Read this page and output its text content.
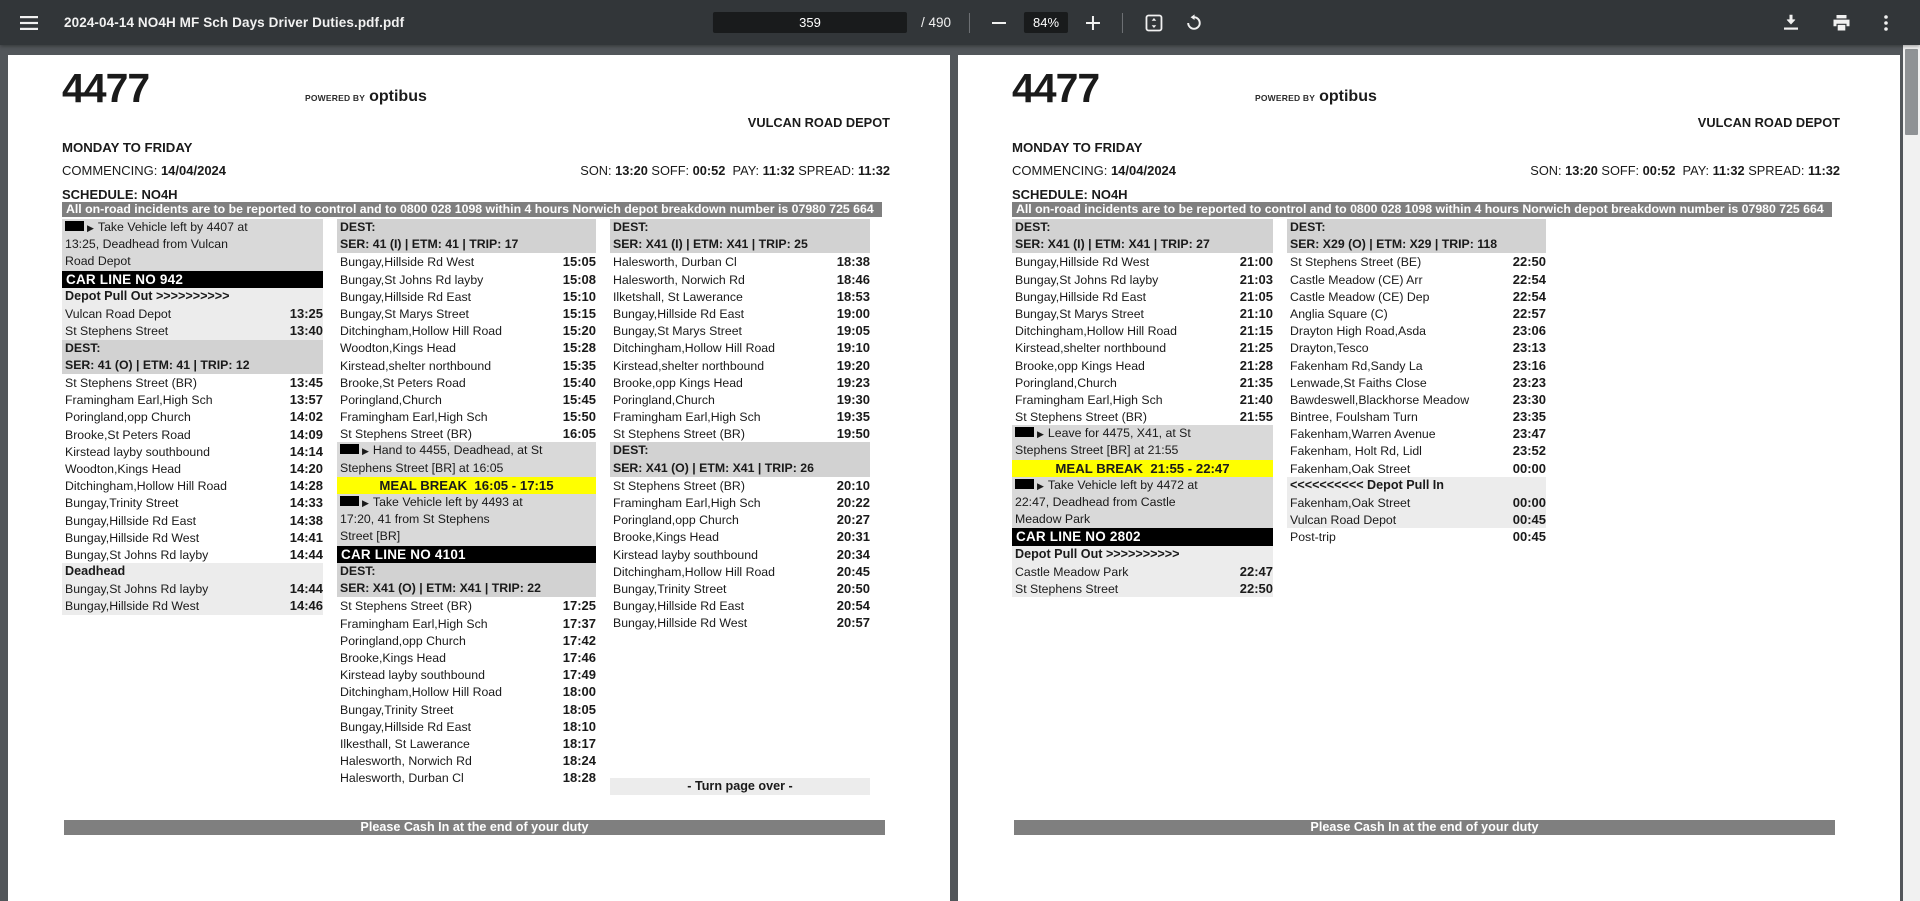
2024-04-14 NO4H MF Sch Days Driver Duties.pdf.pdf
359	/ 490	84%
4477	POWERED BY optibus
VULCAN ROAD DEPOT
MONDAY TO FRIDAY
COMMENCING: 14/04/2024	SON: 13:20 SOFF: 00:52  PAY: 11:32 SPREAD: 11:32
SCHEDULE: NO4H
All on-road incidents are to be reported to control and to 0800 028 1098 within 4 hours Norwich depot breakdown number is 07980 725 664
▶ Take Vehicle left by 4407 at
13:25, Deadhead from Vulcan
Road Depot
CAR LINE NO 942
Depot Pull Out >>>>>>>>>>
Vulcan Road Depot	13:25
St Stephens Street	13:40
DEST:
SER: 41 (O) | ETM: 41 | TRIP: 12
St Stephens Street (BR)	13:45
Framingham Earl,High Sch	13:57
Poringland,opp Church	14:02
Brooke,St Peters Road	14:09
Kirstead layby southbound	14:14
Woodton,Kings Head	14:20
Ditchingham,Hollow Hill Road	14:28
Bungay,Trinity Street	14:33
Bungay,Hillside Rd East	14:38
Bungay,Hillside Rd West	14:41
Bungay,St Johns Rd layby	14:44
Deadhead
Bungay,St Johns Rd layby	14:44
Bungay,Hillside Rd West	14:46
DEST:
SER: 41 (I) | ETM: 41 | TRIP: 17
Bungay,Hillside Rd West	15:05
Bungay,St Johns Rd layby	15:08
Bungay,Hillside Rd East	15:10
Bungay,St Marys Street	15:15
Ditchingham,Hollow Hill Road	15:20
Woodton,Kings Head	15:28
Kirstead,shelter northbound	15:35
Brooke,St Peters Road	15:40
Poringland,Church	15:45
Framingham Earl,High Sch	15:50
St Stephens Street (BR)	16:05
▶ Hand to 4455, Deadhead, at St
Stephens Street [BR] at 16:05
MEAL BREAK  16:05 - 17:15
▶ Take Vehicle left by 4493 at
17:20, 41 from St Stephens
Street [BR]
CAR LINE NO 4101
DEST:
SER: X41 (O) | ETM: X41 | TRIP: 22
St Stephens Street (BR)	17:25
Framingham Earl,High Sch	17:37
Poringland,opp Church	17:42
Brooke,Kings Head	17:46
Kirstead layby southbound	17:49
Ditchingham,Hollow Hill Road	18:00
Bungay,Trinity Street	18:05
Bungay,Hillside Rd East	18:10
Ilkesthall, St Lawerance	18:17
Halesworth, Norwich Rd	18:24
Halesworth, Durban Cl	18:28
DEST:
SER: X41 (I) | ETM: X41 | TRIP: 25
Halesworth, Durban Cl	18:38
Halesworth, Norwich Rd	18:46
Ilketshall, St Lawerance	18:53
Bungay,Hillside Rd East	19:00
Bungay,St Marys Street	19:05
Ditchingham,Hollow Hill Road	19:10
Kirstead,shelter northbound	19:20
Brooke,opp Kings Head	19:23
Poringland,Church	19:30
Framingham Earl,High Sch	19:35
St Stephens Street (BR)	19:50
DEST:
SER: X41 (O) | ETM: X41 | TRIP: 26
St Stephens Street (BR)	20:10
Framingham Earl,High Sch	20:22
Poringland,opp Church	20:27
Brooke,Kings Head	20:31
Kirstead layby southbound	20:34
Ditchingham,Hollow Hill Road	20:45
Bungay,Trinity Street	20:50
Bungay,Hillside Rd East	20:54
Bungay,Hillside Rd West	20:57
- Turn page over -
Please Cash In at the end of your duty
4477	POWERED BY optibus
VULCAN ROAD DEPOT
MONDAY TO FRIDAY
COMMENCING: 14/04/2024	SON: 13:20 SOFF: 00:52  PAY: 11:32 SPREAD: 11:32
SCHEDULE: NO4H
All on-road incidents are to be reported to control and to 0800 028 1098 within 4 hours Norwich depot breakdown number is 07980 725 664
DEST:
SER: X41 (I) | ETM: X41 | TRIP: 27
Bungay,Hillside Rd West	21:00
Bungay,St Johns Rd layby	21:03
Bungay,Hillside Rd East	21:05
Bungay,St Marys Street	21:10
Ditchingham,Hollow Hill Road	21:15
Kirstead,shelter northbound	21:25
Brooke,opp Kings Head	21:28
Poringland,Church	21:35
Framingham Earl,High Sch	21:40
St Stephens Street (BR)	21:55
▶ Leave for 4475, X41, at St
Stephens Street [BR] at 21:55
MEAL BREAK  21:55 - 22:47
▶ Take Vehicle left by 4472 at
22:47, Deadhead from Castle
Meadow Park
CAR LINE NO 2802
Depot Pull Out >>>>>>>>>>
Castle Meadow Park	22:47
St Stephens Street	22:50
DEST:
SER: X29 (O) | ETM: X29 | TRIP: 118
St Stephens Street (BE)	22:50
Castle Meadow (CE) Arr	22:54
Castle Meadow (CE) Dep	22:54
Anglia Square (C)	22:57
Drayton High Road,Asda	23:06
Drayton,Tesco	23:13
Fakenham Rd,Sandy La	23:16
Lenwade,St Faiths Close	23:23
Bawdeswell,Blackhorse Meadow	23:30
Bintree, Foulsham Turn	23:35
Fakenham,Warren Avenue	23:47
Fakenham, Holt Rd, Lidl	23:52
Fakenham,Oak Street	00:00
<<<<<<<<<< Depot Pull In
Fakenham,Oak Street	00:00
Vulcan Road Depot	00:45
Post-trip	00:45
Please Cash In at the end of your duty
